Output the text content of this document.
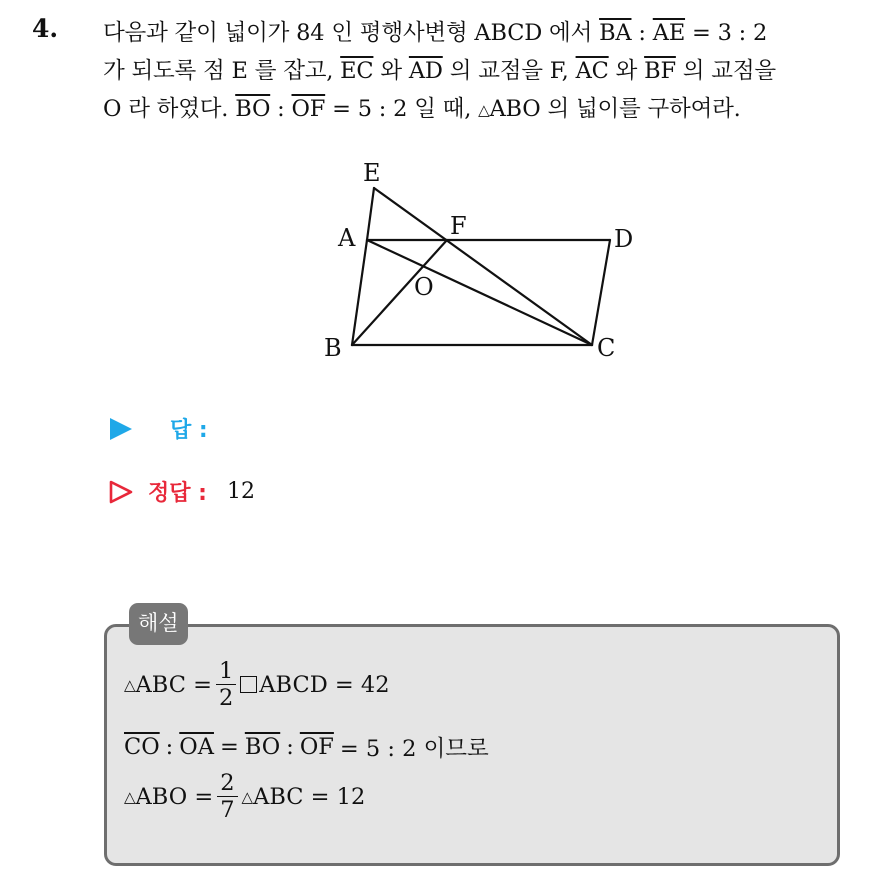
4. 다음과 같이 넓이가 84 인 평행사변형 ABCD 에서 $\overline{BA}$ : $\overline{AE} = 3$ : 2
가 되도록 점 E 를 잡고, $\overline{EC}$ 와 $\overline{AD}$ 의 교점을 F, $\overline{AC}$ 와 $\overline{BF}$ 의 교점을
O 라 하였다. $\overline{BO}$ : $\overline{OF} = 5$ : 2 일 때, △ABO 의 넓이를 구하여라.
E
A	F	D
O
B	C
답 :
정답 : 12
해설
△ ABC = $\frac{1}{2}$ ABCD = 42
$\overline{CO}$ : $\overline{OA} = \overline{BO}$ : $\overline{OF} = 5$ : 2 이므로
△ ABO = $\frac{2}{7}$ △ ABC = 12
